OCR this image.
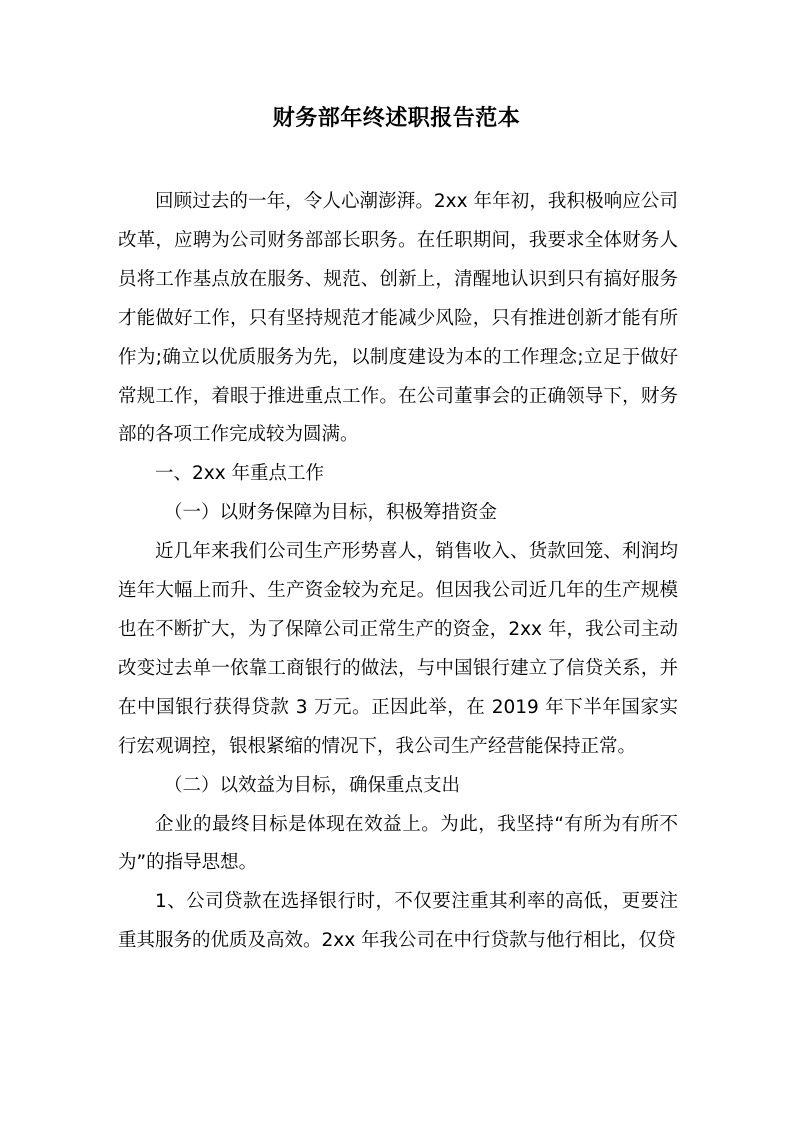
财务部年终述职报告范本

回顾过去的一年，令人心潮澎湃。2xx 年年初，我积极响应公司改革，应聘为公司财务部部长职务。在任职期间，我要求全体财务人员将工作基点放在服务、规范、创新上，清醒地认识到只有搞好服务才能做好工作，只有坚持规范才能减少风险，只有推进创新才能有所作为;确立以优质服务为先，以制度建设为本的工作理念;立足于做好常规工作，着眼于推进重点工作。在公司董事会的正确领导下，财务部的各项工作完成较为圆满。

一、2xx 年重点工作

（一）以财务保障为目标，积极筹措资金

近几年来我们公司生产形势喜人，销售收入、货款回笼、利润均连年大幅上而升、生产资金较为充足。但因我公司近几年的生产规模也在不断扩大，为了保障公司正常生产的资金，2xx 年，我公司主动改变过去单一依靠工商银行的做法，与中国银行建立了信贷关系，并在中国银行获得贷款 3 万元。正因此举，在 2019 年下半年国家实行宏观调控，银根紧缩的情况下，我公司生产经营能保持正常。

（二）以效益为目标，确保重点支出

企业的最终目标是体现在效益上。为此，我坚持“有所为有所不为”的指导思想。

1、公司贷款在选择银行时，不仅要注重其利率的高低，更要注重其服务的优质及高效。2xx 年我公司在中行贷款与他行相比，仅贷
